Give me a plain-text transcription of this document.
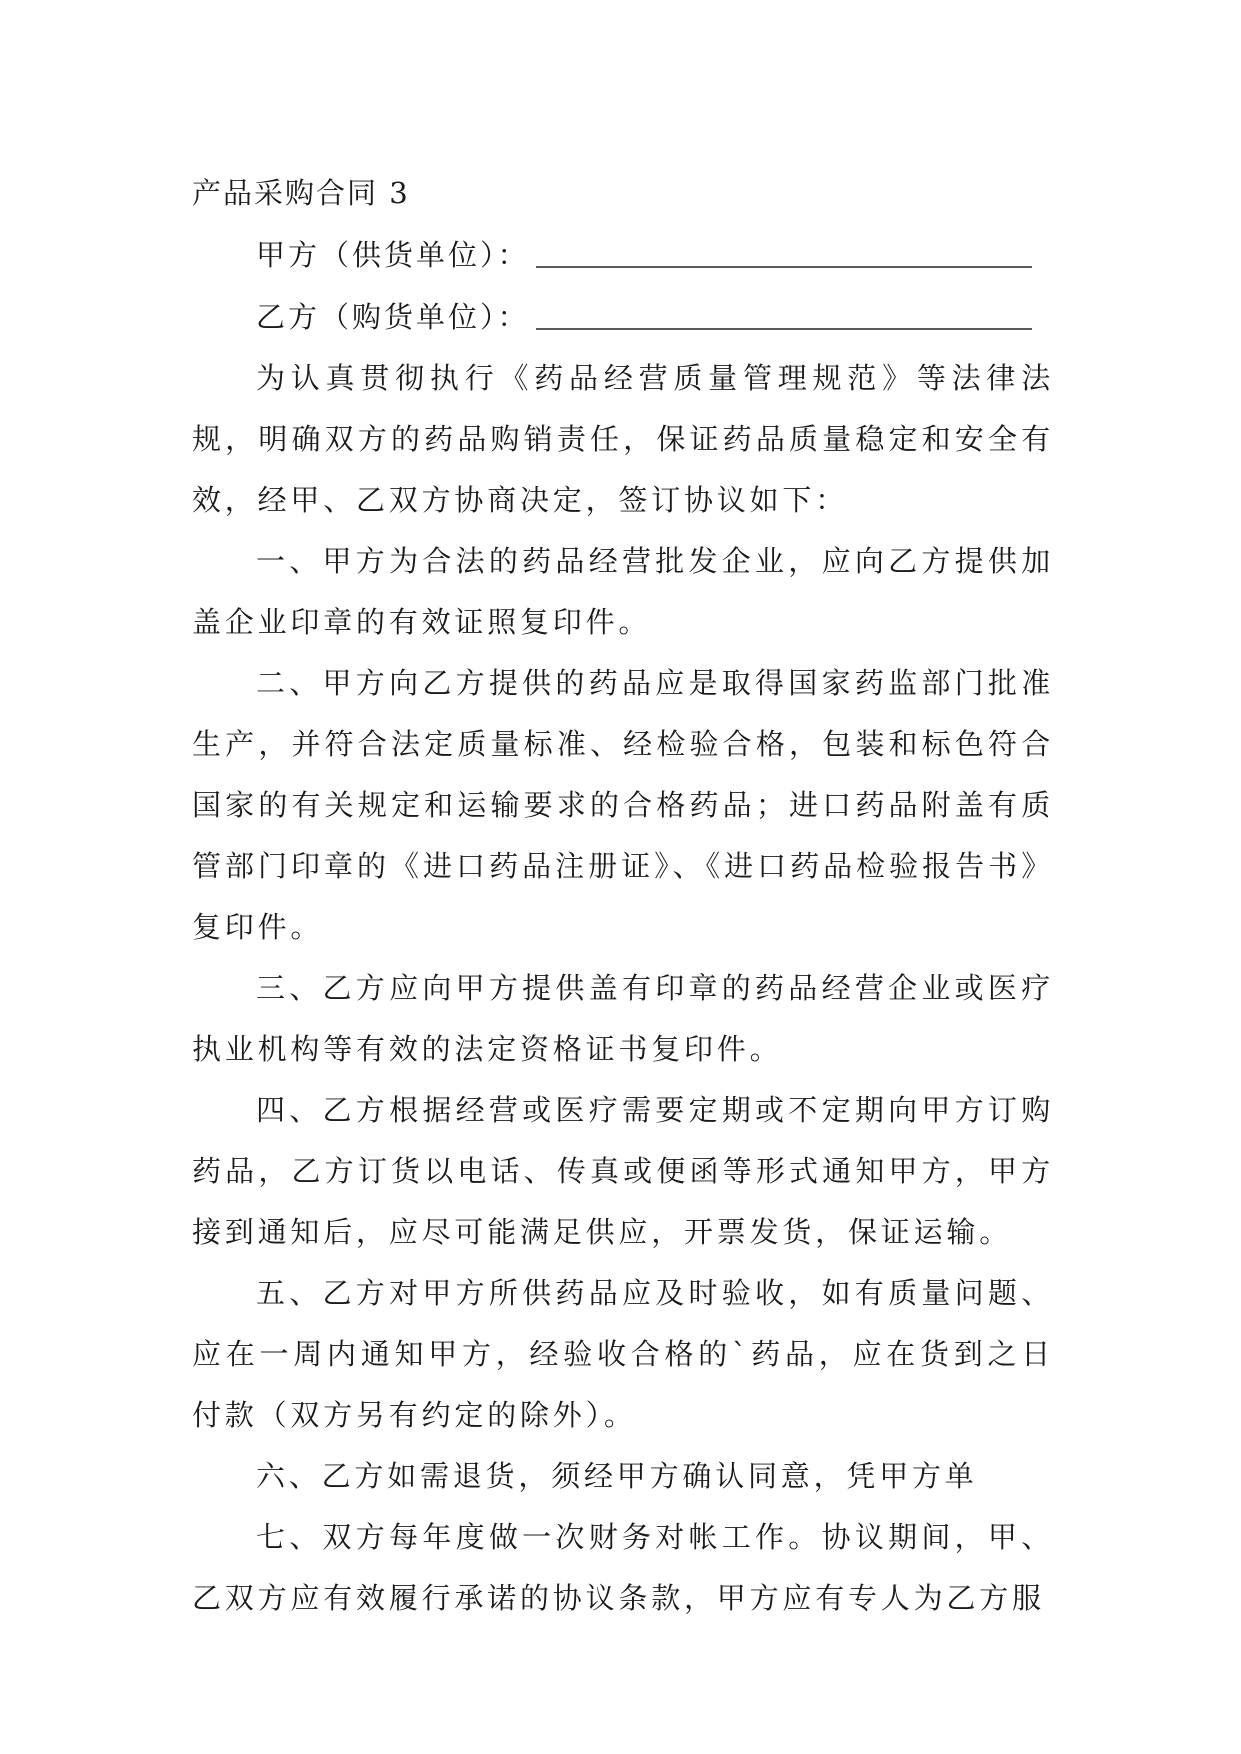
产品采购合同 3
甲方（供货单位）：
乙方（购货单位）：

为认真贯彻执行《药品经营质量管理规范》等法律法规，明确双方的药品购销责任，保证药品质量稳定和安全有效，经甲、乙双方协商决定，签订协议如下：

一、甲方为合法的药品经营批发企业，应向乙方提供加盖企业印章的有效证照复印件。

二、甲方向乙方提供的药品应是取得国家药监部门批准生产，并符合法定质量标准、经检验合格，包装和标色符合国家的有关规定和运输要求的合格药品；进口药品附盖有质管部门印章的《进口药品注册证》、《进口药品检验报告书》复印件。

三、乙方应向甲方提供盖有印章的药品经营企业或医疗执业机构等有效的法定资格证书复印件。

四、乙方根据经营或医疗需要定期或不定期向甲方订购药品，乙方订货以电话、传真或便函等形式通知甲方，甲方接到通知后，应尽可能满足供应，开票发货，保证运输。

五、乙方对甲方所供药品应及时验收，如有质量问题、应在一周内通知甲方，经验收合格的`药品，应在货到之日付款（双方另有约定的除外）。

六、乙方如需退货，须经甲方确认同意，凭甲方单

七、双方每年度做一次财务对帐工作。协议期间，甲、乙双方应有效履行承诺的协议条款，甲方应有专人为乙方服
